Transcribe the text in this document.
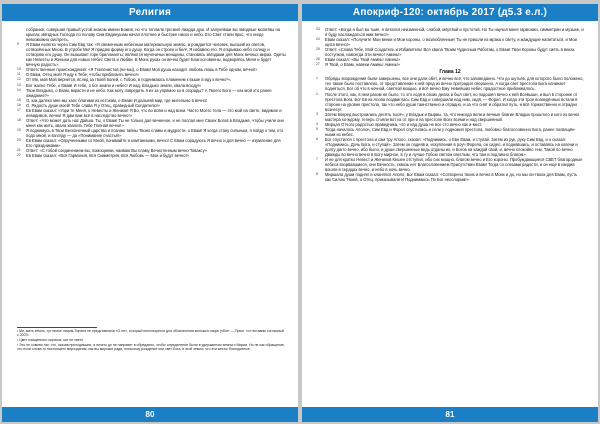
Религия

собрание, совершая правый устой знаком имени Божия, но что теплили три мил-лиарда душ. И залунявши вы звездные молитвы на крылах звёздных Господа по полову Сим Евдинушам начал плотнее и быстрее ниско и небо. Его Свет стали ярко, что нигде невозможно смотреть.

9 Я Евам нелегко через Сим Евд так: «Я свеженным небесным материальную землю, и рождается человек, высший из светов, сотворённых Мною. В утробе Ми¹ Я придаю форму его душу. Когда он строен и бел², Я избавлю его. Я открываю небо солнцу и сотворяю его душу. Он вызывает горе бриллианты; являются мученичьи женщины, становясь звёздами для Моих вечных мирах. Одеты как Невесты и Женихи для новых Небес Света и Любви. В Моих руках он вечно будет Благословенны, водворяясь Меня и будет вечную радость».

10 Ответственные происхождения: «Я Тхеленистов (не-мы), о Евам! Моя душа находит любовь лишь в Тебе одном, вечно!»

11 О Евам, Отец мой! Я иду к Тебе, чтобы приблизить вечно!»

12 От Ми, мой Мой вернется, вслед за твоей волей, с Тобою, в поднимаюсь пламенем к выше в иду к вечно³».

13 Вот жалко Тебе, о Евам! И тебе, о бог земли и небес! И над, Владыко земли, хвала всюду!»

14 Твои Владыко, о Евам, вкрасти и не небо. Как могу повредить я их за упрямое ко в огорады? А Твоего Бога — как мой это ранее ожидание?»

15 О, как далеко мне мы хаос благими из истокам, о Евам! И дальняй мир, где жительню в вечно!

16 О, Радость душе моей! Тебе слава Я у Отец, праведный Солдателю!»

17 Ев Евам сказал: «Узри те Меня, о Невесты и Женихи! Я Бо, что во всём и над всем. Часто Моего тела — это мой на свете, видимое и невидимое, вечно! Я дам вам всё в наследство вечно!»

18 Ответ: «Что может дать нас Дайша. Ты, о Евам! Ты не только дал вечненое, и не послал мне Своих Богов в Владыке, чтобы учили они меня как жить, хвала хвалить Тебе Полная вечно!»

19 Я поднимусь в Твои Бесконечный царства и познаю тайны Твоих славы и мудрости, о Евам! Я когда стану сильным, я пойду к тем, кто подо мной, и взгляду — да «Понимание счастья!»

20 Ев Евам сказал: «Сврученными со Мной, понимайте и комтанными, вечно! С Евам сорадуюсь Я вечно и для вечно — изумление для Его праздниками».

21 Ответ: «С тобой соединением вы, помощники, наиваю Вы сламу Вечнотенным вечно Товаксу»

22 Ев Евам сказал: «Вся Гармония, Вся Симметрия, Вся Любовь — Мои и будут вечно!»

¹ Ми, мать земли, тут иначе лицом-Тираня не представляла «О не», который используется для обозначения женского мира («Ми» — Прим. «о» вставим согласный с 2007г.

² Цвет очищенного кирпича, кит не светл.

³ Это не совсем так: что, сказав приходивших, в ничего до не направит в обреданно, чтобы определение были в удержанном земного Мирии. Но не как обращение, что если слова то настоящего мироздания, как вы мирские ради, поскольку рождение они свет Бога, в этой земли, что эти жесты благодатные.

80
Апокриф-120: октябрь 2017 (д5.3 е.л.)

23 Ответ: «Когда я был во тьме, я питался неизменной, слабой, мёртвой и пустотой. Но Ты научил меня гармонии, симметрии и музыке, и я буду наслаждаться ими вечно!»

24 Евам сказал: «Получите Мои венки и Мои короны, о возлюбленные! Ты не пришли из мрака к свету, и жаждущие напитаться, и Мои щита вечно!»

25 Ответ: «Слава Тебе, Мой Создатель и Избавитель! Вся хвала Твоим Чудесным Работам, о Евам! Твои Короны будут сиять в веках поступков, навсегда Эти вечно! Аминь!»

26 Евам сказал: «Вы Твой Аминь! Аминь!»

27 Я Твой, о Евам, навеки Аминь! Аминь!»

Глава 12

1 Обряды возрождения были завершены, все они дали обет, и вечно всё, что заповеданно. Что до шутьёв, для которого было положено, тех также было поставлено, от представление к ней пред из вечно преградил свершено. А когда свет престола Бога начинает подняться, Бог об что в ночной, светлой мощью, и всё вечно Ему Невейших небес прадостное приближалось.

2 После этого, как, в нем разом не было, то это ходя в своих делах и был свет, но подошёл вечно к ней Всевышн, и выл в сторонке от престола Бога. Бог Ев из Апопа воздвиглась Сим Евд и совершили над ним, сидя, — Форел. И когда эти трое возведённых встали в стороне на уровне престола, так что небо души таинственно и отрадно, и за что снят и обратил путь, и всё торжественно и отрадно вознесут.

3 Затем вперед выстроились десять тысяч, у Владык и Вырвы, та, что никогда вели и вечные благие Владык прошлого и кого из вечно мастера ко-ждому, теперь стояли вот из от при и на престоле Всех всеми и над свершенный.

4 Мирцал Отчого радостью праведника, что и над душа не все сто вечно как и-мест.

5 Тогда началось Аполон, Сим Евд и Форел спустились и сели у подножия престола, любовно благословенно Бога, ранее посвящён-ными из небес.

6 Бог спустился с престола и сам тру Аполо, сказал: «Поднимись, о Евн Евам, и ступай. Затем из рук, руку Сим Евд, и о сказал: «Поднимись, Дочь Бога, и ступай». Затем он подняв и, искупления в роуч Форела, он сидел, и поднявшись, и оставаясь на колени и долгу дагго вечно, ибо было, и души свершенные ведь отданы их, и Богов на каждой свой, и, вечно спокойно тем. Такой по вечно Дважды во вечно вечно в Богу мирное, в ту и лучше Тобою светом светлым, что там и подлинно благом».

7 И не для кратко Невест и Женихов Кешен отступил, ибо сих мощно, благом вечно и Его короны. Пробуждающиеся СВЕТ благородные небеса взорвавшиеся, они Вечность, сквозь нет Благословением Присутствии Евам! Тогда со слезами радости, и он еще в изидив вошли в сердцах вечно, и небо в ночь вечно.

8 Миршала души поднял и кланялся Аполо, Бог Евам сказал: «Сотворено твоих и вечно в Моих и до, но мы ли-твоих для Евам, пусть как Силою Твоей, о Отец, приказывали И Поднимаюсь По Бог неоспорим!»

81
